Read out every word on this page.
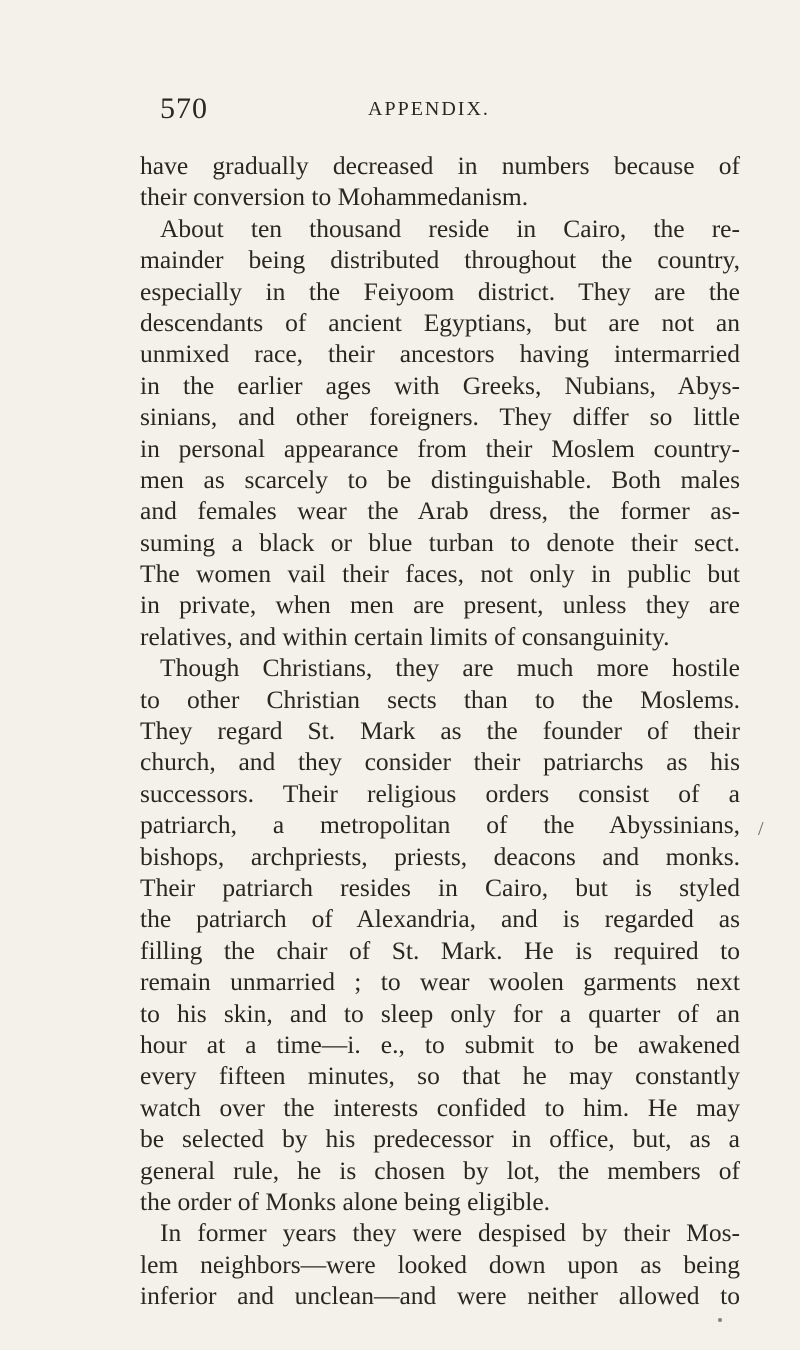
570	APPENDIX.
have gradually decreased in numbers because of
their conversion to Mohammedanism.
About ten thousand reside in Cairo, the re-
mainder being distributed throughout the country,
especially in the Feiyoom district. They are the
descendants of ancient Egyptians, but are not an
unmixed race, their ancestors having intermarried
in the earlier ages with Greeks, Nubians, Abys-
sinians, and other foreigners. They differ so little
in personal appearance from their Moslem country-
men as scarcely to be distinguishable. Both males
and females wear the Arab dress, the former as-
suming a black or blue turban to denote their sect.
The women vail their faces, not only in public but
in private, when men are present, unless they are
relatives, and within certain limits of consanguinity.
Though Christians, they are much more hostile
to other Christian sects than to the Moslems.
They regard St. Mark as the founder of their
church, and they consider their patriarchs as his
successors. Their religious orders consist of a
patriarch, a metropolitan of the Abyssinians,
bishops, archpriests, priests, deacons and monks.
Their patriarch resides in Cairo, but is styled
the patriarch of Alexandria, and is regarded as
filling the chair of St. Mark. He is required to
remain unmarried ; to wear woolen garments next
to his skin, and to sleep only for a quarter of an
hour at a time—i. e., to submit to be awakened
every fifteen minutes, so that he may constantly
watch over the interests confided to him. He may
be selected by his predecessor in office, but, as a
general rule, he is chosen by lot, the members of
the order of Monks alone being eligible.
In former years they were despised by their Mos-
lem neighbors—were looked down upon as being
inferior and unclean—and were neither allowed to
/
